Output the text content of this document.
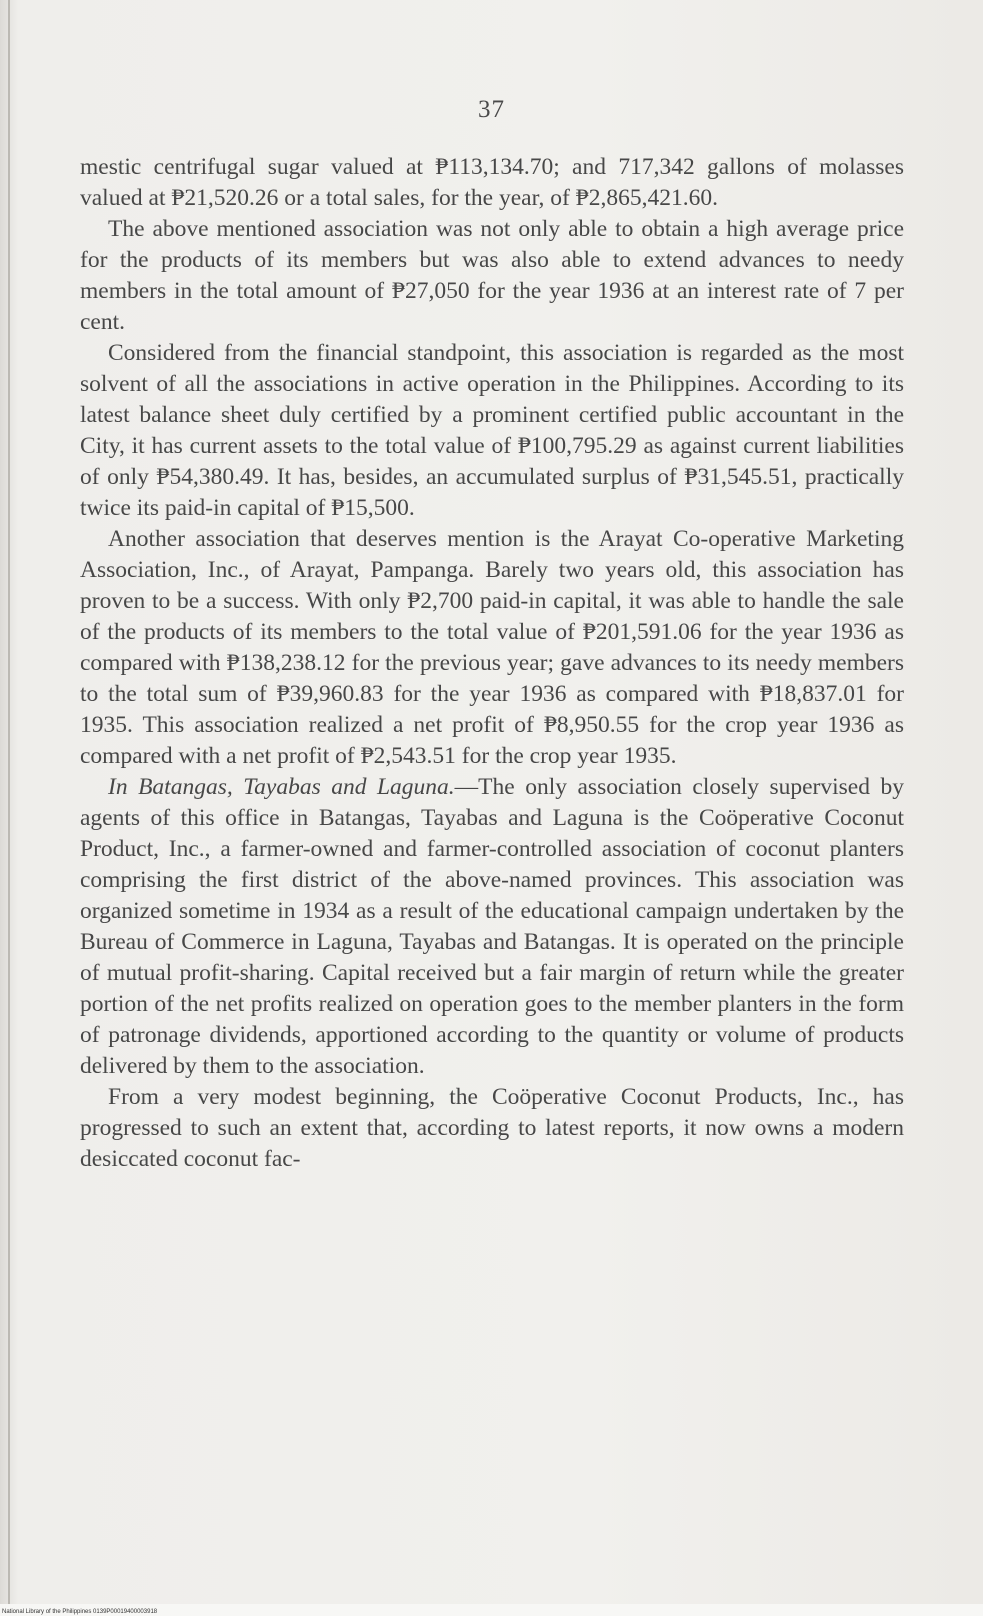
37

mestic centrifugal sugar valued at ₱113,134.70; and 717,342 gallons of molasses valued at ₱21,520.26 or a total sales, for the year, of ₱2,865,421.60.

The above mentioned association was not only able to obtain a high average price for the products of its members but was also able to extend advances to needy members in the total amount of ₱27,050 for the year 1936 at an interest rate of 7 per cent.

Considered from the financial standpoint, this association is regarded as the most solvent of all the associations in active operation in the Philippines. According to its latest balance sheet duly certified by a prominent certified public accountant in the City, it has current assets to the total value of ₱100,795.29 as against current liabilities of only ₱54,380.49. It has, besides, an accumulated surplus of ₱31,545.51, practically twice its paid-in capital of ₱15,500.

Another association that deserves mention is the Arayat Co-operative Marketing Association, Inc., of Arayat, Pampanga. Barely two years old, this association has proven to be a success. With only ₱2,700 paid-in capital, it was able to handle the sale of the products of its members to the total value of ₱201,591.06 for the year 1936 as compared with ₱138,238.12 for the previous year; gave advances to its needy members to the total sum of ₱39,960.83 for the year 1936 as compared with ₱18,837.01 for 1935. This association realized a net profit of ₱8,950.55 for the crop year 1936 as compared with a net profit of ₱2,543.51 for the crop year 1935.

In Batangas, Tayabas and Laguna.—The only association closely supervised by agents of this office in Batangas, Tayabas and Laguna is the Coöperative Coconut Product, Inc., a farmer-owned and farmer-controlled association of coconut planters comprising the first district of the above-named provinces. This association was organized sometime in 1934 as a result of the educational campaign undertaken by the Bureau of Commerce in Laguna, Tayabas and Batangas. It is operated on the principle of mutual profit-sharing. Capital received but a fair margin of return while the greater portion of the net profits realized on operation goes to the member planters in the form of patronage dividends, apportioned according to the quantity or volume of products delivered by them to the association.

From a very modest beginning, the Coöperative Coconut Products, Inc., has progressed to such an extent that, according to latest reports, it now owns a modern desiccated coconut fac-

National Library of the Philippines 0139P00019400003918
